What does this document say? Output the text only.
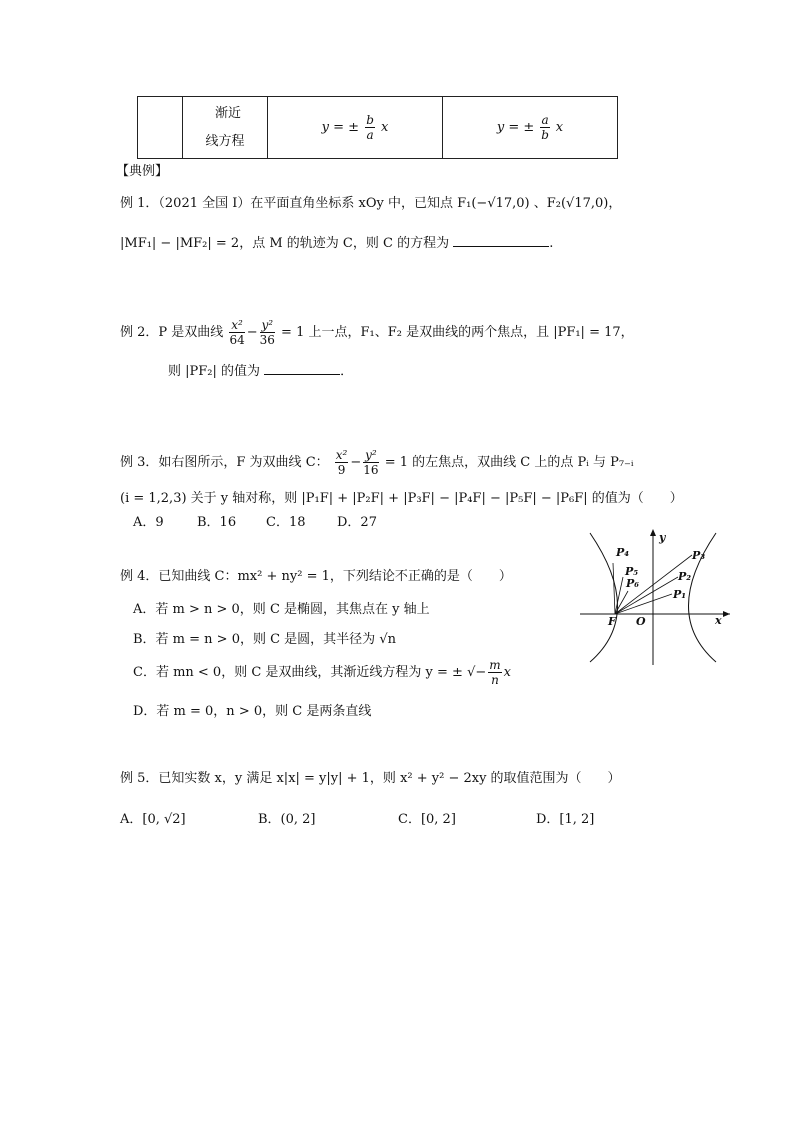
渐近
线方程
	y = ± $\frac{b}{a}$ x	y = ± $\frac{a}{b}$ x
【典例】
例 1．（2021 全国 I）在平面直角坐标系 xOy 中，已知点 F₁(−√17,0) 、F₂(√17,0)，
|MF₁| − |MF₂| = 2，点 M 的轨迹为 C，则 C 的方程为	.
例 2．P 是双曲线 $\frac{\text{x²}}{64} - \frac{\text{y²}}{36} = 1$ 上一点，F₁、F₂ 是双曲线的两个焦点，且 |PF₁| = 17，
则 |PF₂| 的值为	．
例 3．如右图所示，F 为双曲线 C： $\frac{\text{x²}}{9} - \frac{\text{y²}}{16} = 1$ 的左焦点，双曲线 C 上的点 Pᵢ 与 P₇₋ᵢ
(i = 1,2,3) 关于 y 轴对称，则 |P₁F| + |P₂F| + |P₃F| − |P₄F| − |P₅F| − |P₆F| 的值为（　　）
A．9	B．16 C．18 D．27
y
x
F O
P₄
P₅
P₆
P₃
P₂
P₁
例 4．已知曲线 C：mx² + ny² = 1，下列结论不正确的是（　　）
A．若 m > n > 0，则 C 是椭圆，其焦点在 y 轴上
B．若 m = n > 0，则 C 是圆，其半径为 √n
C．若 mn < 0，则 C 是双曲线，其渐近线方程为 y = ± √− $\frac{m}{n}$ x
D．若 m = 0，n > 0，则 C 是两条直线
例 5．已知实数 x，y 满足 x|x| = y|y| + 1，则 x² + y² − 2xy 的取值范围为（　　）
A．[0, √2]	B．(0, 2]	C．[0, 2]	D．[1, 2]
